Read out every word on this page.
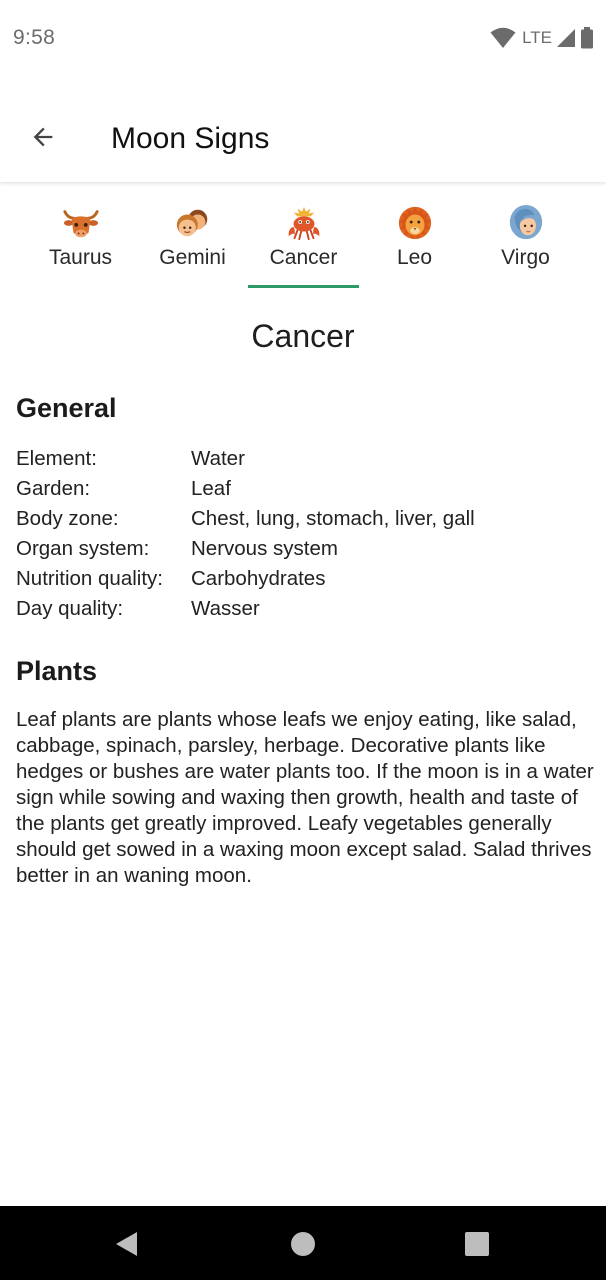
9:58	LTE
Moon Signs
Taurus	Gemini	Cancer	Leo	Virgo
Cancer
General
Element:	Water
Garden:	Leaf
Body zone:	Chest, lung, stomach, liver, gall
Organ system:	Nervous system
Nutrition quality:	Carbohydrates
Day quality:	Wasser
Plants
Leaf plants are plants whose leafs we enjoy eating, like salad, cabbage, spinach, parsley, herbage. Decorative plants like hedges or bushes are water plants too. If the moon is in a water sign while sowing and waxing then growth, health and taste of the plants get greatly improved. Leafy vegetables generally should get sowed in a waxing moon except salad. Salad thrives better in an waning moon.
